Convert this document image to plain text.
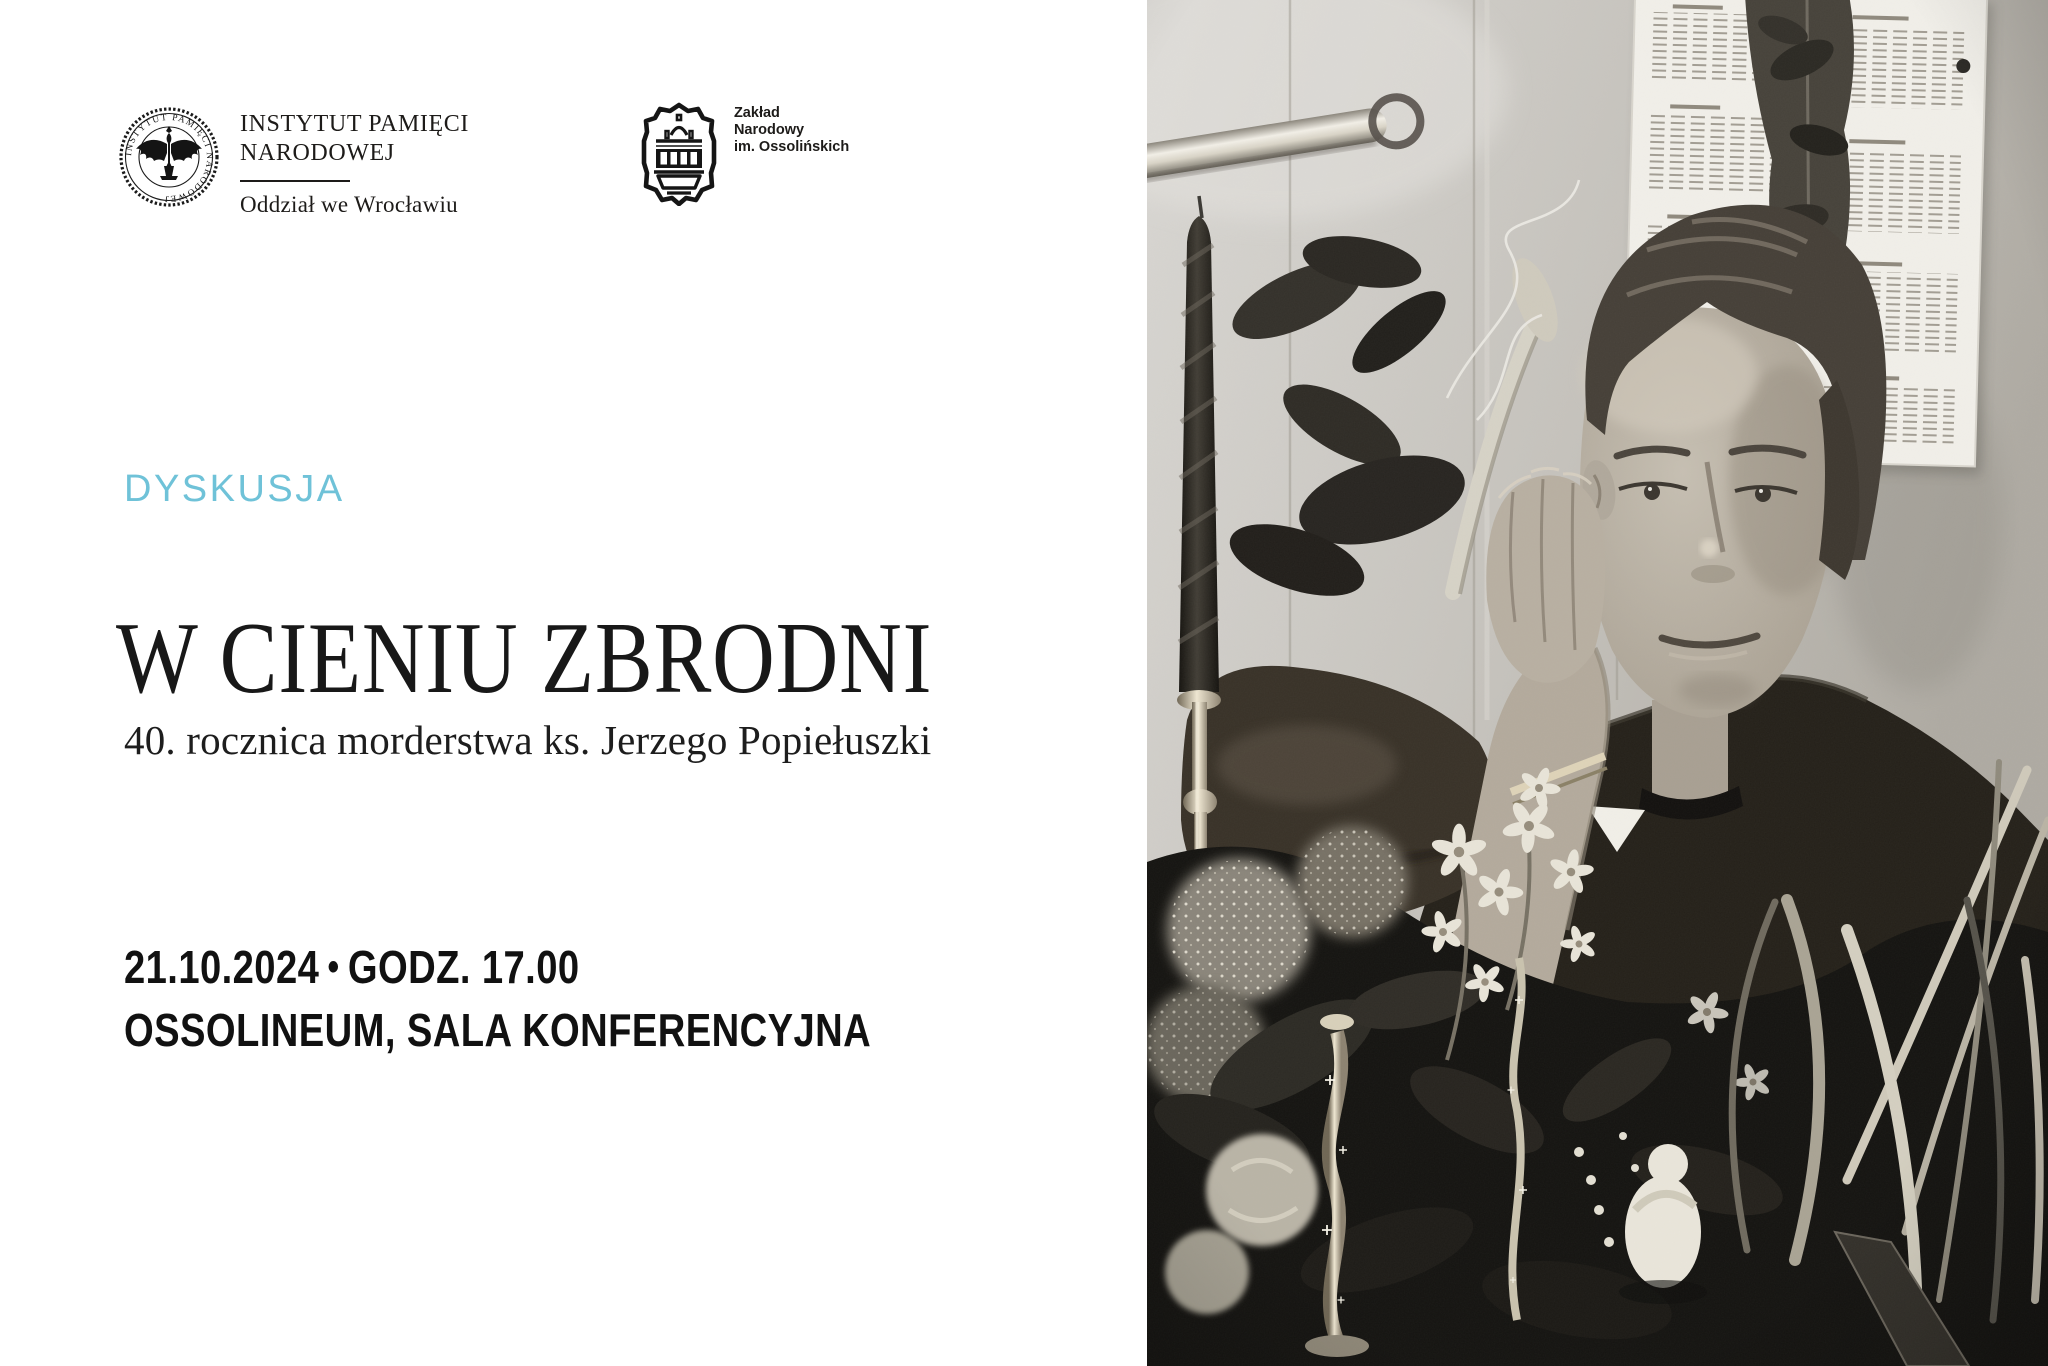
INSTYTUT PAMIĘCI NARODOWEJ
INSTYTUT PAMIĘCI
NARODOWEJ
Oddział we Wrocławiu
Zakład
Narodowy
im. Ossolińskich
DYSKUSJA
W CIENIU ZBRODNI
40. rocznica morderstwa ks. Jerzego Popiełuszki
21.10.2024 • GODZ. 17.00
OSSOLINEUM, SALA KONFERENCYJNA
